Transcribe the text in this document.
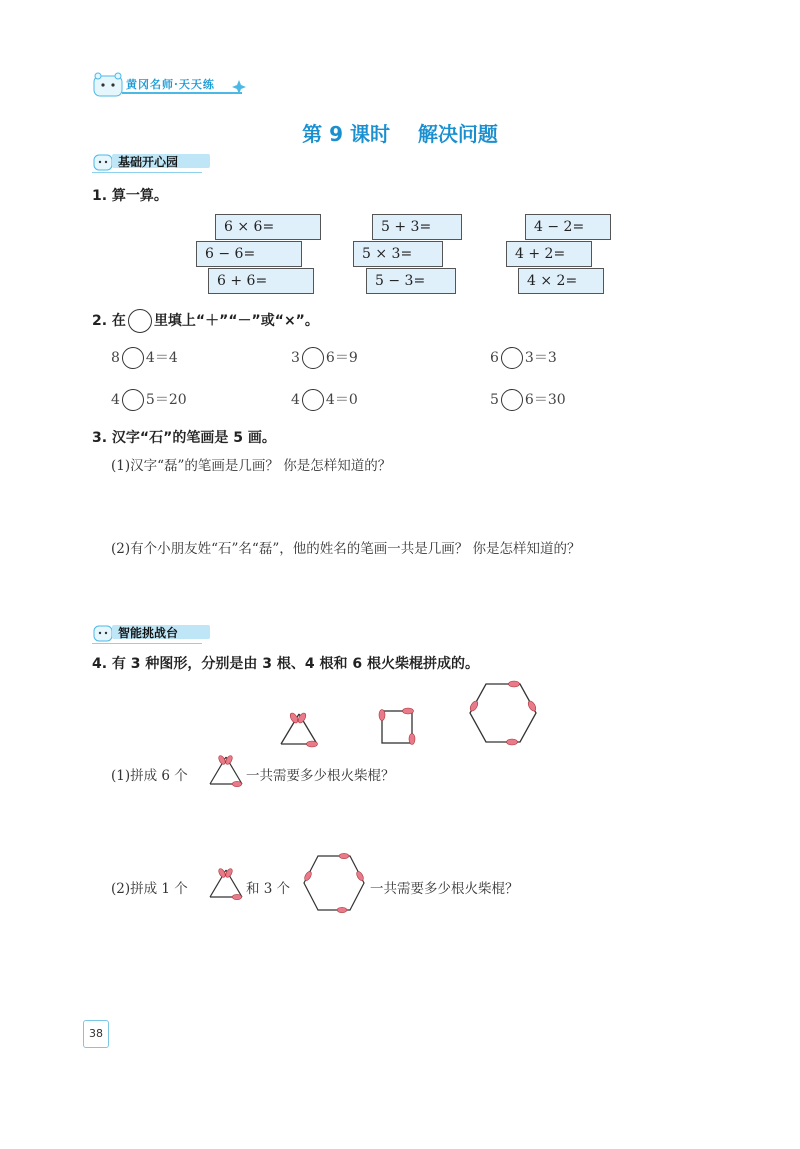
黄冈名师·天天练
第 9 课时 解决问题
基础开心园
1. 算一算。
6 × 6=
6 − 6=
6 + 6=
5 + 3=
5 × 3=
5 − 3=
4 − 2=
4 + 2=
4 × 2=
2. 在 里填上“＋”“－”或“×”。
8 4＝4	3 6＝9	6 3＝3
4 5＝20	4 4＝0	5 6＝30
3. 汉字“石”的笔画是 5 画。
(1)汉字“磊”的笔画是几画？ 你是怎样知道的？
(2)有个小朋友姓“石”名“磊”，他的姓名的笔画一共是几画？ 你是怎样知道的？
智能挑战台
4. 有 3 种图形，分别是由 3 根、4 根和 6 根火柴棍拼成的。
(1)拼成 6 个	一共需要多少根火柴棍？
(2)拼成 1 个	和 3 个	一共需要多少根火柴棍？
38
